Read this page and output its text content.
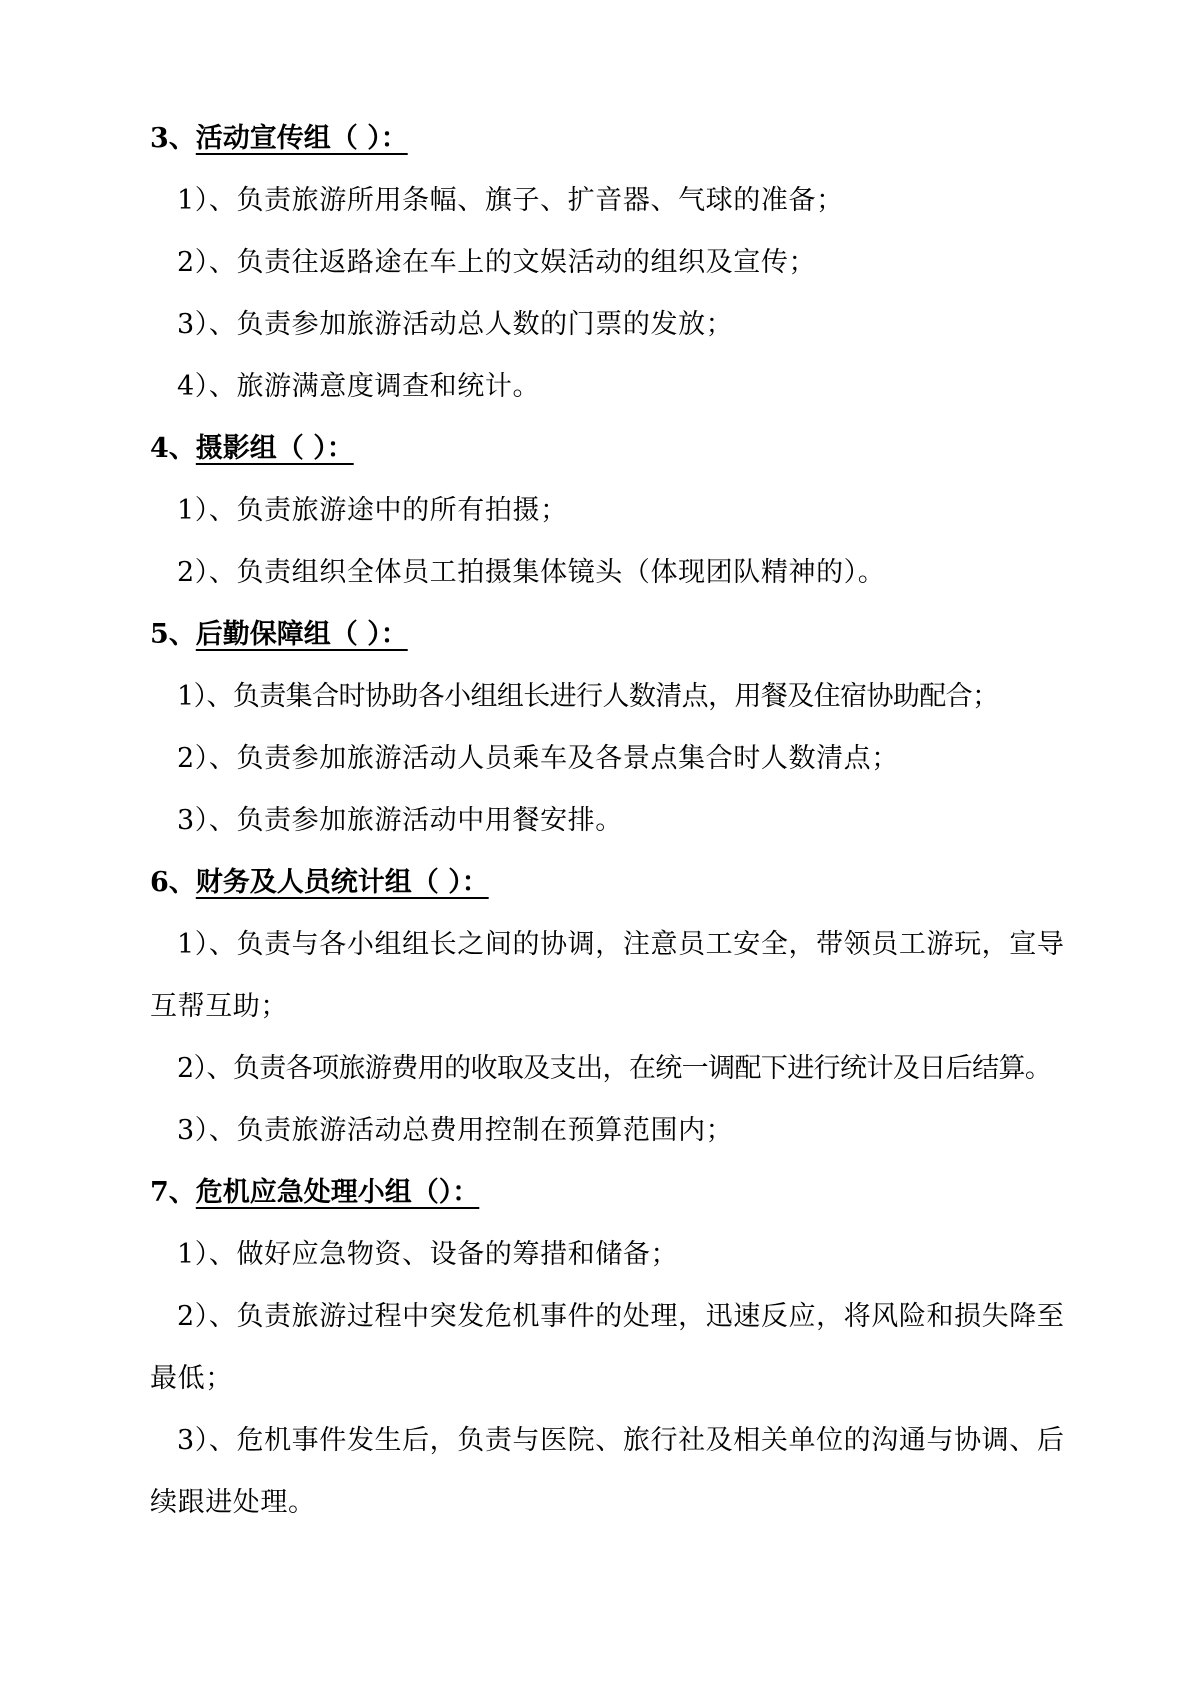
3、活动宣传组（ ）：

1）、负责旅游所用条幅、旗子、扩音器、气球的准备；

2）、负责往返路途在车上的文娱活动的组织及宣传；

3）、负责参加旅游活动总人数的门票的发放；

4）、旅游满意度调查和统计。

4、摄影组（ ）：

1）、负责旅游途中的所有拍摄；

2）、负责组织全体员工拍摄集体镜头（体现团队精神的）。

5、后勤保障组（ ）：

1）、负责集合时协助各小组组长进行人数清点，用餐及住宿协助配合；

2）、负责参加旅游活动人员乘车及各景点集合时人数清点；

3）、负责参加旅游活动中用餐安排。

6、财务及人员统计组（ ）：

1）、负责与各小组组长之间的协调，注意员工安全，带领员工游玩，宣导互帮互助；

2）、负责各项旅游费用的收取及支出，在统一调配下进行统计及日后结算。

3）、负责旅游活动总费用控制在预算范围内；

7、危机应急处理小组（）：

1）、做好应急物资、设备的筹措和储备；

2）、负责旅游过程中突发危机事件的处理，迅速反应，将风险和损失降至最低；

3）、危机事件发生后，负责与医院、旅行社及相关单位的沟通与协调、后续跟进处理。
